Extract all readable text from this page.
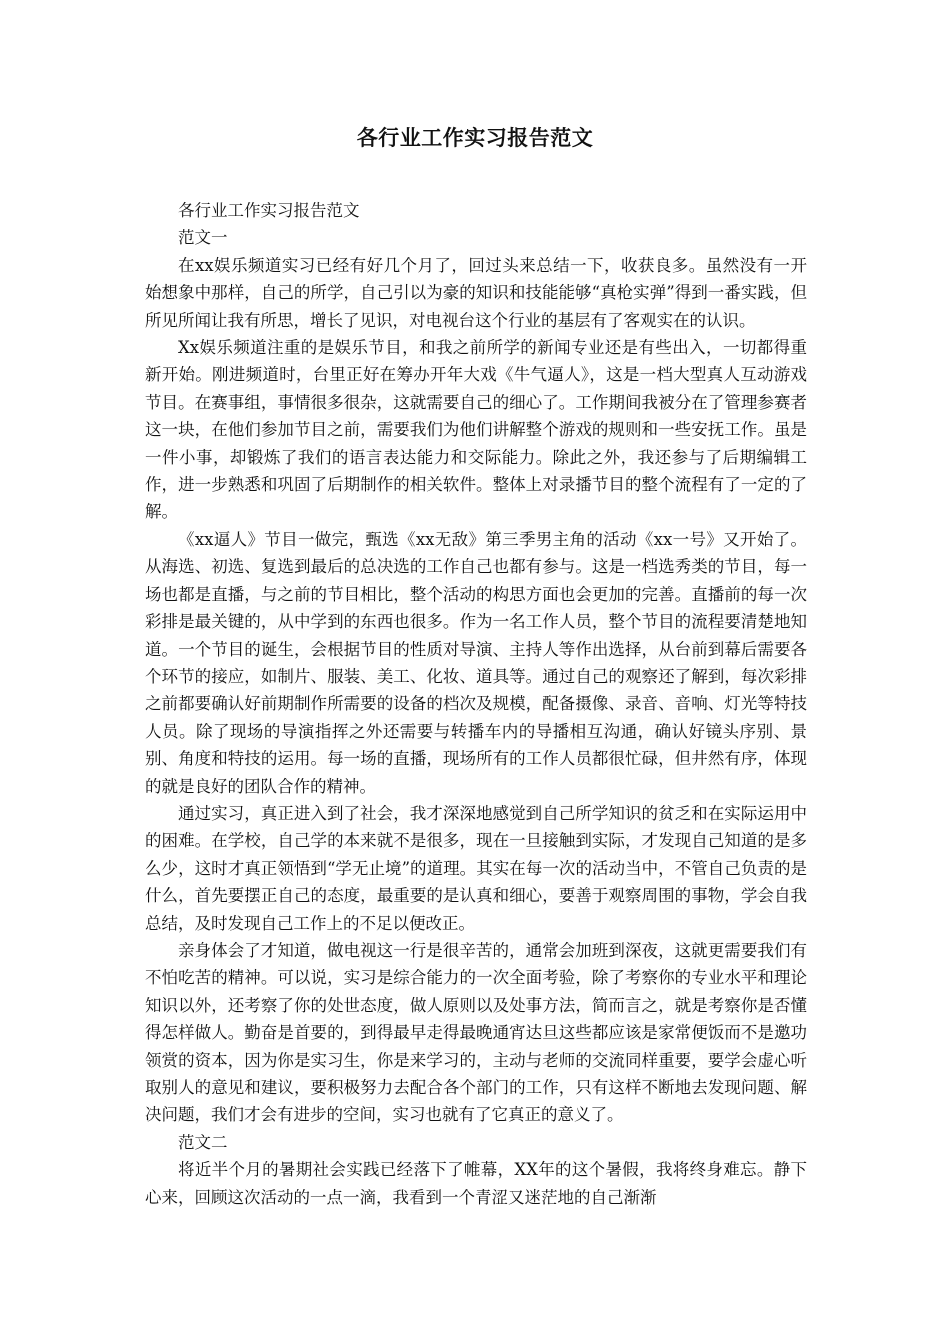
各行业工作实习报告范文

各行业工作实习报告范文

范文一

在xx娱乐频道实习已经有好几个月了，回过头来总结一下，收获良多。虽然没有一开始想象中那样，自己的所学，自己引以为豪的知识和技能能够“真枪实弹”得到一番实践，但所见所闻让我有所思，增长了见识，对电视台这个行业的基层有了客观实在的认识。

Xx娱乐频道注重的是娱乐节目，和我之前所学的新闻专业还是有些出入，一切都得重新开始。刚进频道时，台里正好在筹办开年大戏《牛气逼人》，这是一档大型真人互动游戏节目。在赛事组，事情很多很杂，这就需要自己的细心了。工作期间我被分在了管理参赛者这一块，在他们参加节目之前，需要我们为他们讲解整个游戏的规则和一些安抚工作。虽是一件小事，却锻炼了我们的语言表达能力和交际能力。除此之外，我还参与了后期编辑工作，进一步熟悉和巩固了后期制作的相关软件。整体上对录播节目的整个流程有了一定的了解。

《xx逼人》节目一做完，甄选《xx无敌》第三季男主角的活动《xx一号》又开始了。从海选、初选、复选到最后的总决选的工作自己也都有参与。这是一档选秀类的节目，每一场也都是直播，与之前的节目相比，整个活动的构思方面也会更加的完善。直播前的每一次彩排是最关键的，从中学到的东西也很多。作为一名工作人员，整个节目的流程要清楚地知道。一个节目的诞生，会根据节目的性质对导演、主持人等作出选择，从台前到幕后需要各个环节的接应，如制片、服装、美工、化妆、道具等。通过自己的观察还了解到，每次彩排之前都要确认好前期制作所需要的设备的档次及规模，配备摄像、录音、音响、灯光等特技人员。除了现场的导演指挥之外还需要与转播车内的导播相互沟通，确认好镜头序别、景别、角度和特技的运用。每一场的直播，现场所有的工作人员都很忙碌，但井然有序，体现的就是良好的团队合作的精神。

通过实习，真正进入到了社会，我才深深地感觉到自己所学知识的贫乏和在实际运用中的困难。在学校，自己学的本来就不是很多，现在一旦接触到实际，才发现自己知道的是多么少，这时才真正领悟到“学无止境”的道理。其实在每一次的活动当中，不管自己负责的是什么，首先要摆正自己的态度，最重要的是认真和细心，要善于观察周围的事物，学会自我总结，及时发现自己工作上的不足以便改正。

亲身体会了才知道，做电视这一行是很辛苦的，通常会加班到深夜，这就更需要我们有不怕吃苦的精神。可以说，实习是综合能力的一次全面考验，除了考察你的专业水平和理论知识以外，还考察了你的处世态度，做人原则以及处事方法，简而言之，就是考察你是否懂得怎样做人。勤奋是首要的，到得最早走得最晚通宵达旦这些都应该是家常便饭而不是邀功领赏的资本，因为你是实习生，你是来学习的，主动与老师的交流同样重要，要学会虚心听取别人的意见和建议，要积极努力去配合各个部门的工作，只有这样不断地去发现问题、解决问题，我们才会有进步的空间，实习也就有了它真正的意义了。

范文二

将近半个月的暑期社会实践已经落下了帷幕，XX年的这个暑假，我将终身难忘。静下心来，回顾这次活动的一点一滴，我看到一个青涩又迷茫地的自己渐渐
